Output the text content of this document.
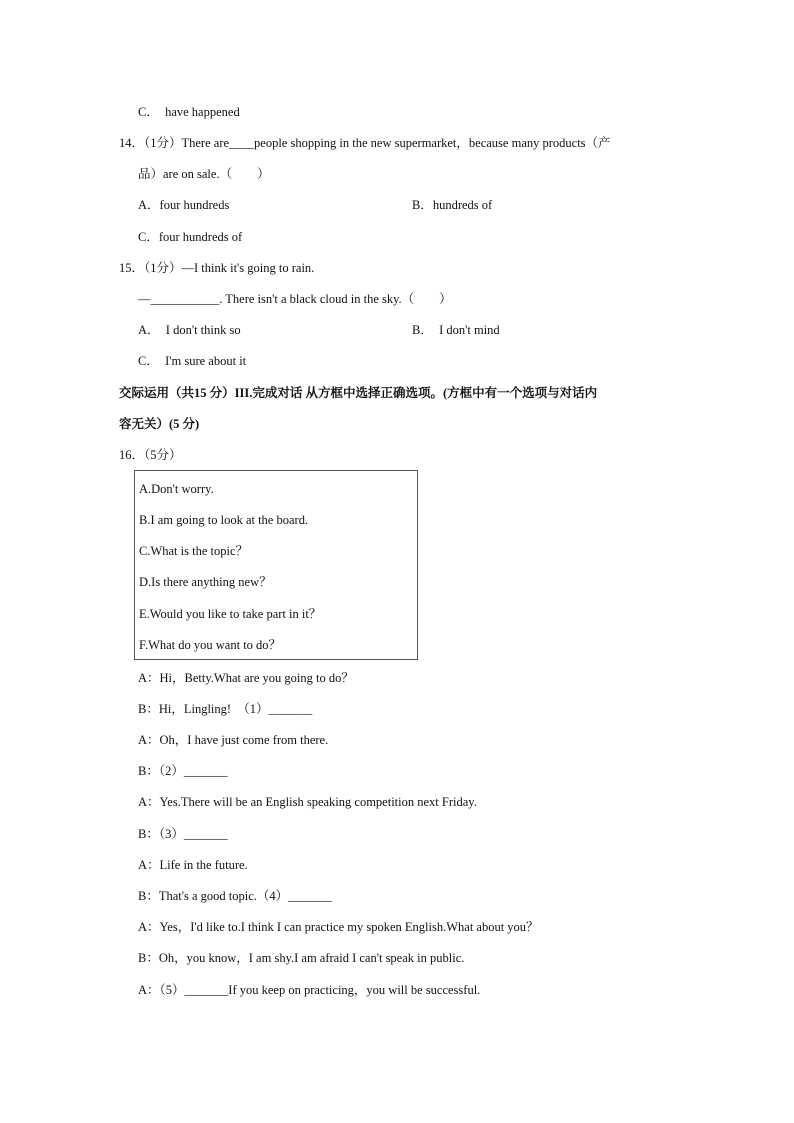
C．　have happened
14．（1分）There are____people shopping in the new supermarket，because many products（产
品）are on sale.（　　）
A．four hundreds	B．hundreds of
C．four hundreds of
15．（1分）—I think it's going to rain.
—___________. There isn't a black cloud in the sky.（　　）
A．　I don't think so	B．　I don't mind
C．　I'm sure about it
交际运用（共15 分）III.完成对话 从方框中选择正确选项。(方框中有一个选项与对话内
容无关）(5 分)
16．（5分）
A.Don't worry.
B.I am going to look at the board.
C.What is the topic？
D.Is there anything new？
E.Would you like to take part in it？
F.What do you want to do？
A：Hi，Betty.What are you going to do？
B：Hi，Lingling!　（1）_______
A：Oh，I have just come from there.
B：（2）_______
A：Yes.There will be an English speaking competition next Friday.
B：（3）_______
A：Life in the future.
B：That's a good topic.（4）_______
A：Yes，I'd like to.I think I can practice my spoken English.What about you？
B：Oh，you know，I am shy.I am afraid I can't speak in public.
A：（5）_______If you keep on practicing，you will be successful.
